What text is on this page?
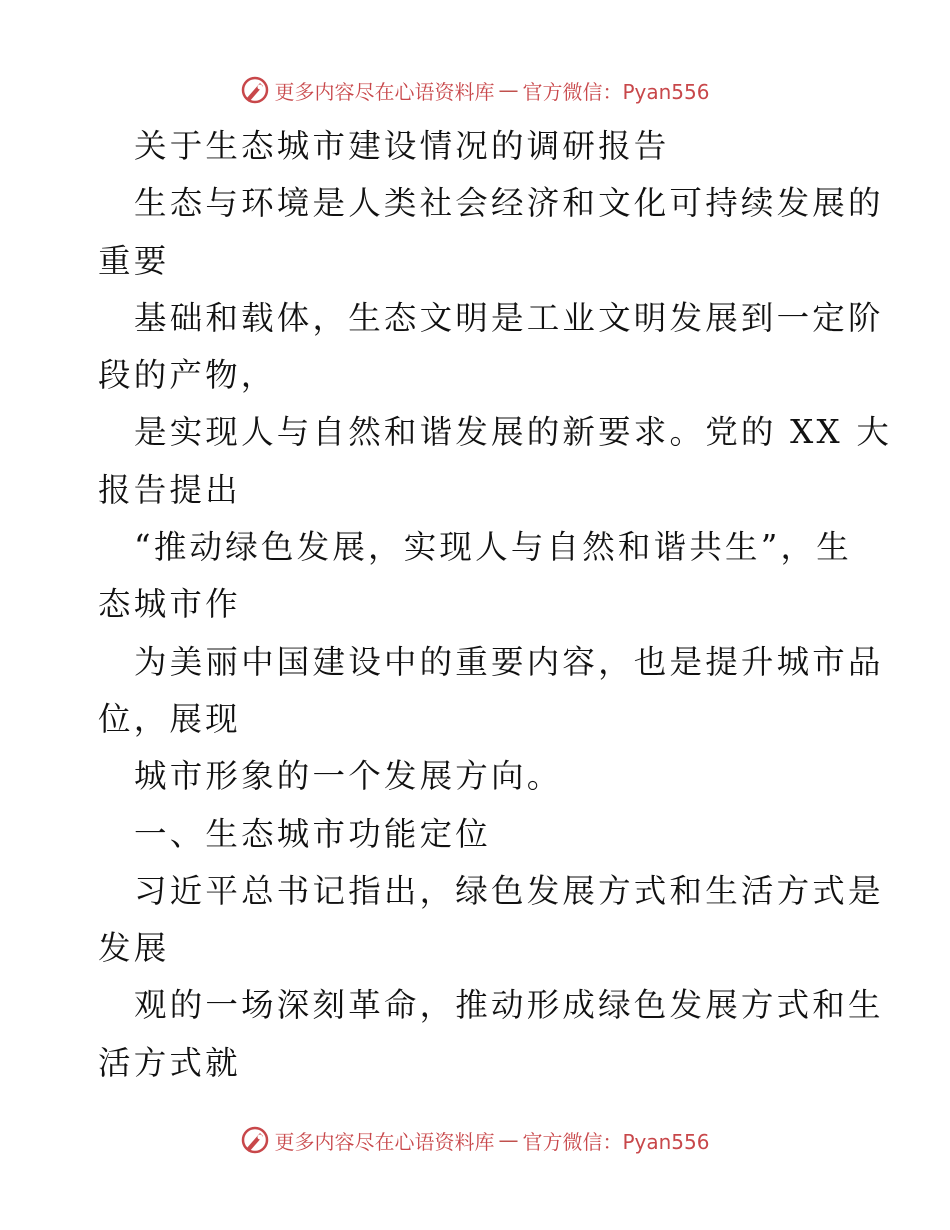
更多内容尽在心语资料库 — 官方微信：Pyan556
关于生态城市建设情况的调研报告
生态与环境是人类社会经济和文化可持续发展的
重要
基础和载体，生态文明是工业文明发展到一定阶
段的产物，
是实现人与自然和谐发展的新要求。党的 XX 大
报告提出
“推动绿色发展，实现人与自然和谐共生”，生
态城市作
为美丽中国建设中的重要内容，也是提升城市品
位，展现
城市形象的一个发展方向。
一、生态城市功能定位
习近平总书记指出，绿色发展方式和生活方式是
发展
观的一场深刻革命，推动形成绿色发展方式和生
活方式就
更多内容尽在心语资料库 — 官方微信：Pyan556
